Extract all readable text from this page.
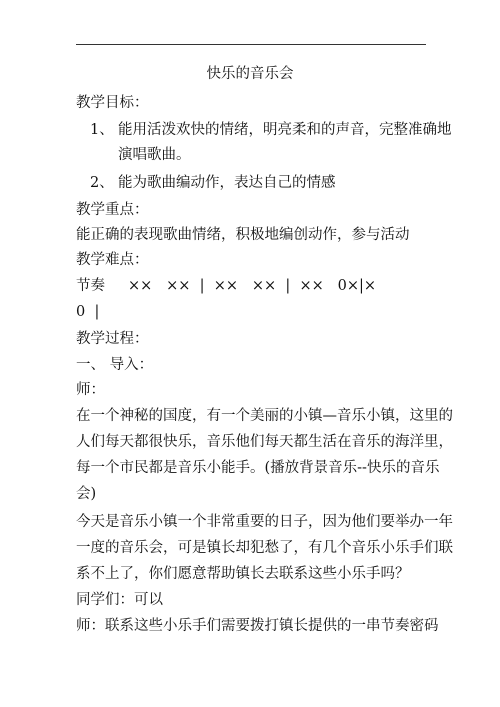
快乐的音乐会
教学目标：
1、 能用活泼欢快的情绪，明亮柔和的声音，完整准确地
演唱歌曲。
2、 能为歌曲编动作，表达自己的情感
教学重点：
能正确的表现歌曲情绪，积极地编创动作，参与活动
教学难点：
节奏 ××   ××  |  ××   ××  |  ××   0×|×
0  |
教学过程：
一、 导入：
师：
在一个神秘的国度，有一个美丽的小镇—音乐小镇，这里的
人们每天都很快乐，音乐他们每天都生活在音乐的海洋里，
每一个市民都是音乐小能手。(播放背景音乐--快乐的音乐
会)
今天是音乐小镇一个非常重要的日子，因为他们要举办一年
一度的音乐会，可是镇长却犯愁了，有几个音乐小乐手们联
系不上了，你们愿意帮助镇长去联系这些小乐手吗？
同学们：可以
师：联系这些小乐手们需要拨打镇长提供的一串节奏密码
